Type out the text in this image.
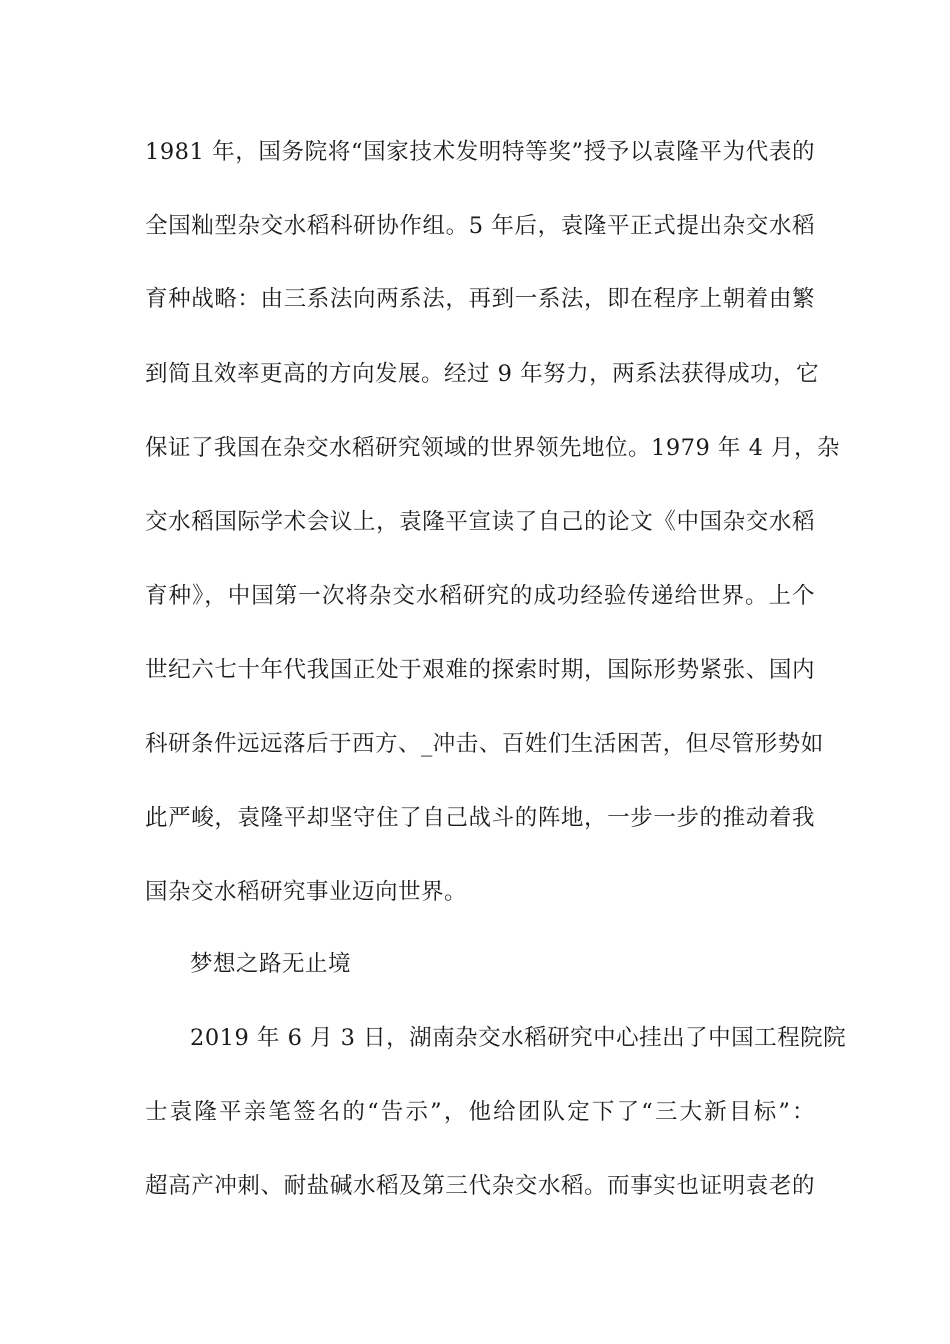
1981 年，国务院将“国家技术发明特等奖”授予以袁隆平为代表的
全国籼型杂交水稻科研协作组。5 年后，袁隆平正式提出杂交水稻
育种战略：由三系法向两系法，再到一系法，即在程序上朝着由繁
到简且效率更高的方向发展。经过 9 年努力，两系法获得成功，它
保证了我国在杂交水稻研究领域的世界领先地位。1979 年 4 月，杂
交水稻国际学术会议上，袁隆平宣读了自己的论文《中国杂交水稻
育种》，中国第一次将杂交水稻研究的成功经验传递给世界。上个
世纪六七十年代我国正处于艰难的探索时期，国际形势紧张、国内
科研条件远远落后于西方、_冲击、百姓们生活困苦，但尽管形势如
此严峻，袁隆平却坚守住了自己战斗的阵地，一步一步的推动着我
国杂交水稻研究事业迈向世界。
梦想之路无止境
2019 年 6 月 3 日，湖南杂交水稻研究中心挂出了中国工程院院
士袁隆平亲笔签名的“告示”，他给团队定下了“三大新目标”：
超高产冲刺、耐盐碱水稻及第三代杂交水稻。而事实也证明袁老的
